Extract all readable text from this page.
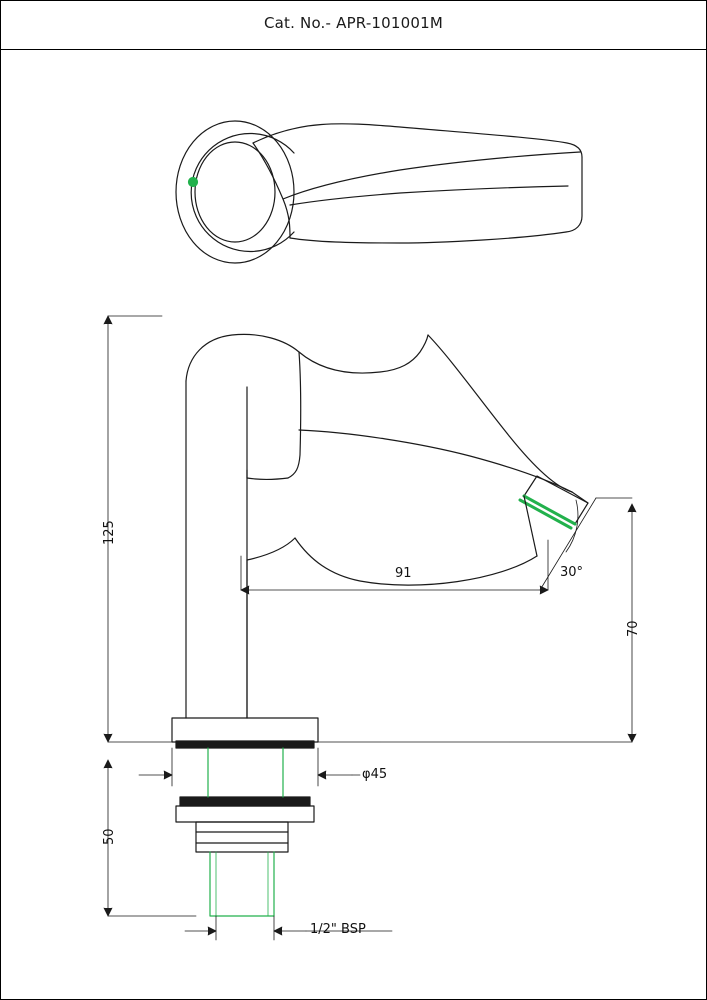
Cat. No.- APR-101001M
125
91	30°
70
φ45
50
1/2" BSP
